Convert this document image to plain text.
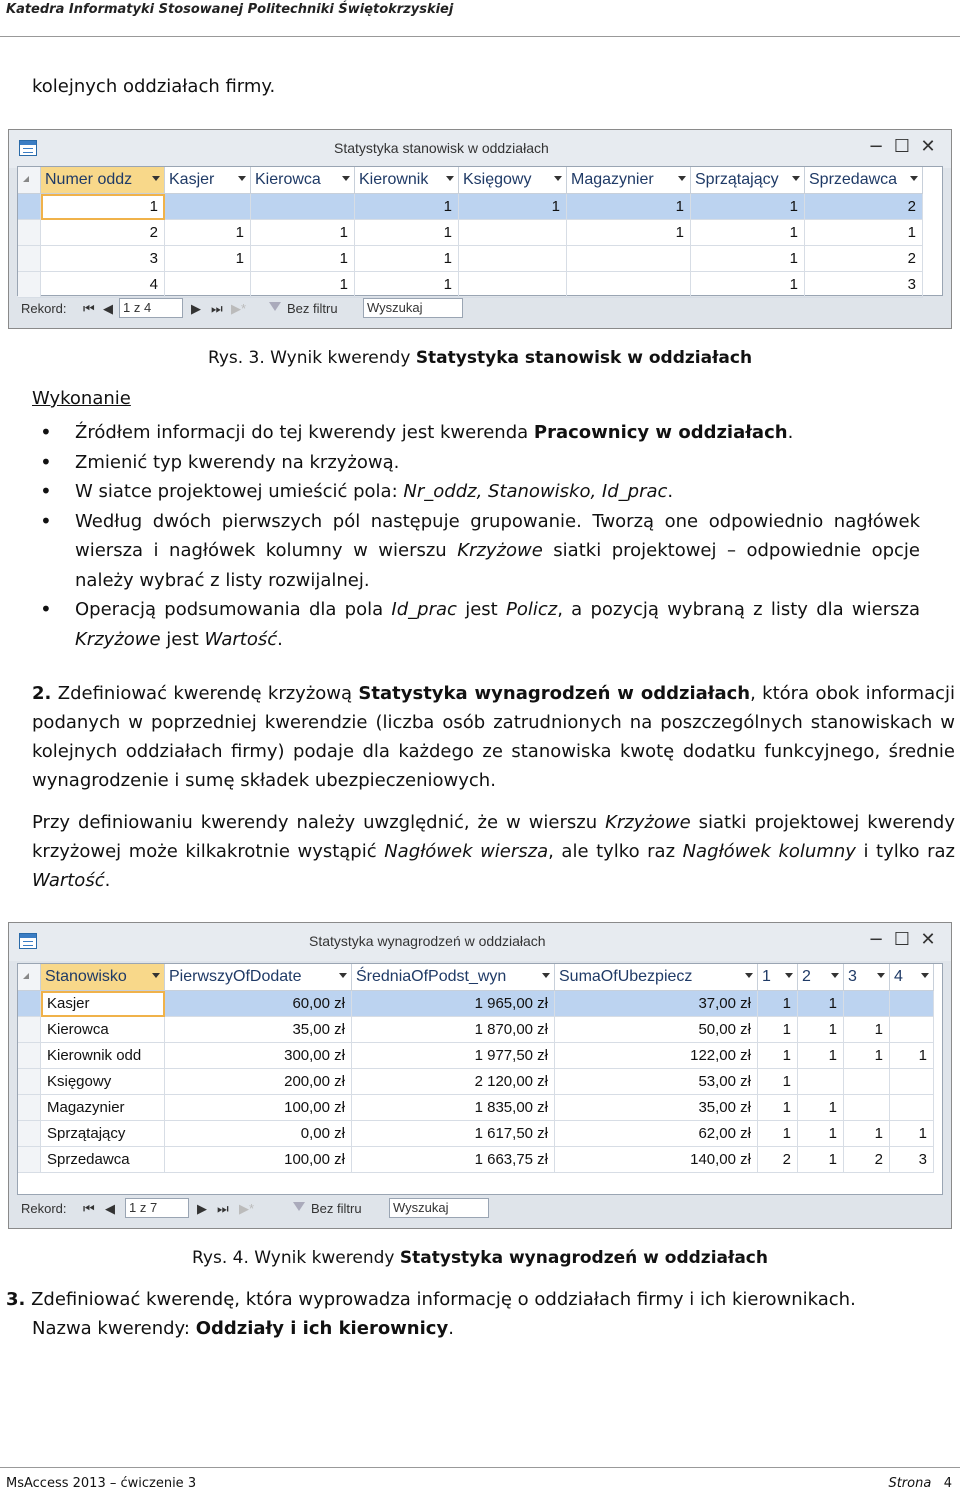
Katedra Informatyki Stosowanej Politechniki Świętokrzyskiej
kolejnych oddziałach firmy.
Statystyka stanowisk w oddziałach	− ☐ ✕
	Numer oddz	Kasjer	Kierowca	Kierownik	Księgowy	Magazynier	Sprzątający	Sprzedawca

	1			1	1	1	1	2
	2	1	1	1		1	1	1
	3	1	1	1			1	2
	4		1	1			1	3
Rekord: ⏮ ◀ 1 z 4	▶ ⏭ ▶*	Bez filtru	Wyszukaj
Rys. 3. Wynik kwerendy Statystyka stanowisk w oddziałach
Wykonanie
• Źródłem informacji do tej kwerendy jest kwerenda Pracownicy w oddziałach.
• Zmienić typ kwerendy na krzyżową.
• W siatce projektowej umieścić pola: Nr_oddz, Stanowisko, Id_prac.
• Według dwóch pierwszych pól następuje grupowanie. Tworzą one odpowiednio nagłówek wiersza i nagłówek kolumny w wierszu Krzyżowe siatki projektowej – odpowiednie opcje należy wybrać z listy rozwijalnej.
• Operacją podsumowania dla pola Id_prac jest Policz, a pozycją wybraną z listy dla wiersza Krzyżowe jest Wartość.
2. Zdefiniować kwerendę krzyżową Statystyka wynagrodzeń w oddziałach, która obok informacji podanych w poprzedniej kwerendzie (liczba osób zatrudnionych na poszczególnych stanowiskach w kolejnych oddziałach firmy) podaje dla każdego ze stanowiska kwotę dodatku funkcyjnego, średnie wynagrodzenie i sumę składek ubezpieczeniowych.
Przy definiowaniu kwerendy należy uwzględnić, że w wierszu Krzyżowe siatki projektowej kwerendy krzyżowej może kilkakrotnie wystąpić Nagłówek wiersza, ale tylko raz Nagłówek kolumny i tylko raz Wartość.
Statystyka wynagrodzeń w oddziałach	− ☐ ✕
	Stanowisko	PierwszyOfDodate	ŚredniaOfPodst_wyn	SumaOfUbezpiecz	1	2	3	4

	Kasjer	60,00 zł	1 965,00 zł	37,00 zł	1	1		
	Kierowca	35,00 zł	1 870,00 zł	50,00 zł	1	1	1	
	Kierownik odd	300,00 zł	1 977,50 zł	122,00 zł	1	1	1	1
	Księgowy	200,00 zł	2 120,00 zł	53,00 zł	1			
	Magazynier	100,00 zł	1 835,00 zł	35,00 zł	1	1		
	Sprzątający	0,00 zł	1 617,50 zł	62,00 zł	1	1	1	1
	Sprzedawca	100,00 zł	1 663,75 zł	140,00 zł	2	1	2	3
Rekord: ⏮ ◀	1 z 7	▶ ⏭ ▶*	Bez filtru	Wyszukaj
Rys. 4. Wynik kwerendy Statystyka wynagrodzeń w oddziałach
3. Zdefiniować kwerendę, która wyprowadza informację o oddziałach firmy i ich kierownikach.
Nazwa kwerendy: Oddziały i ich kierownicy.
MsAccess 2013 – ćwiczenie 3	Strona 4
